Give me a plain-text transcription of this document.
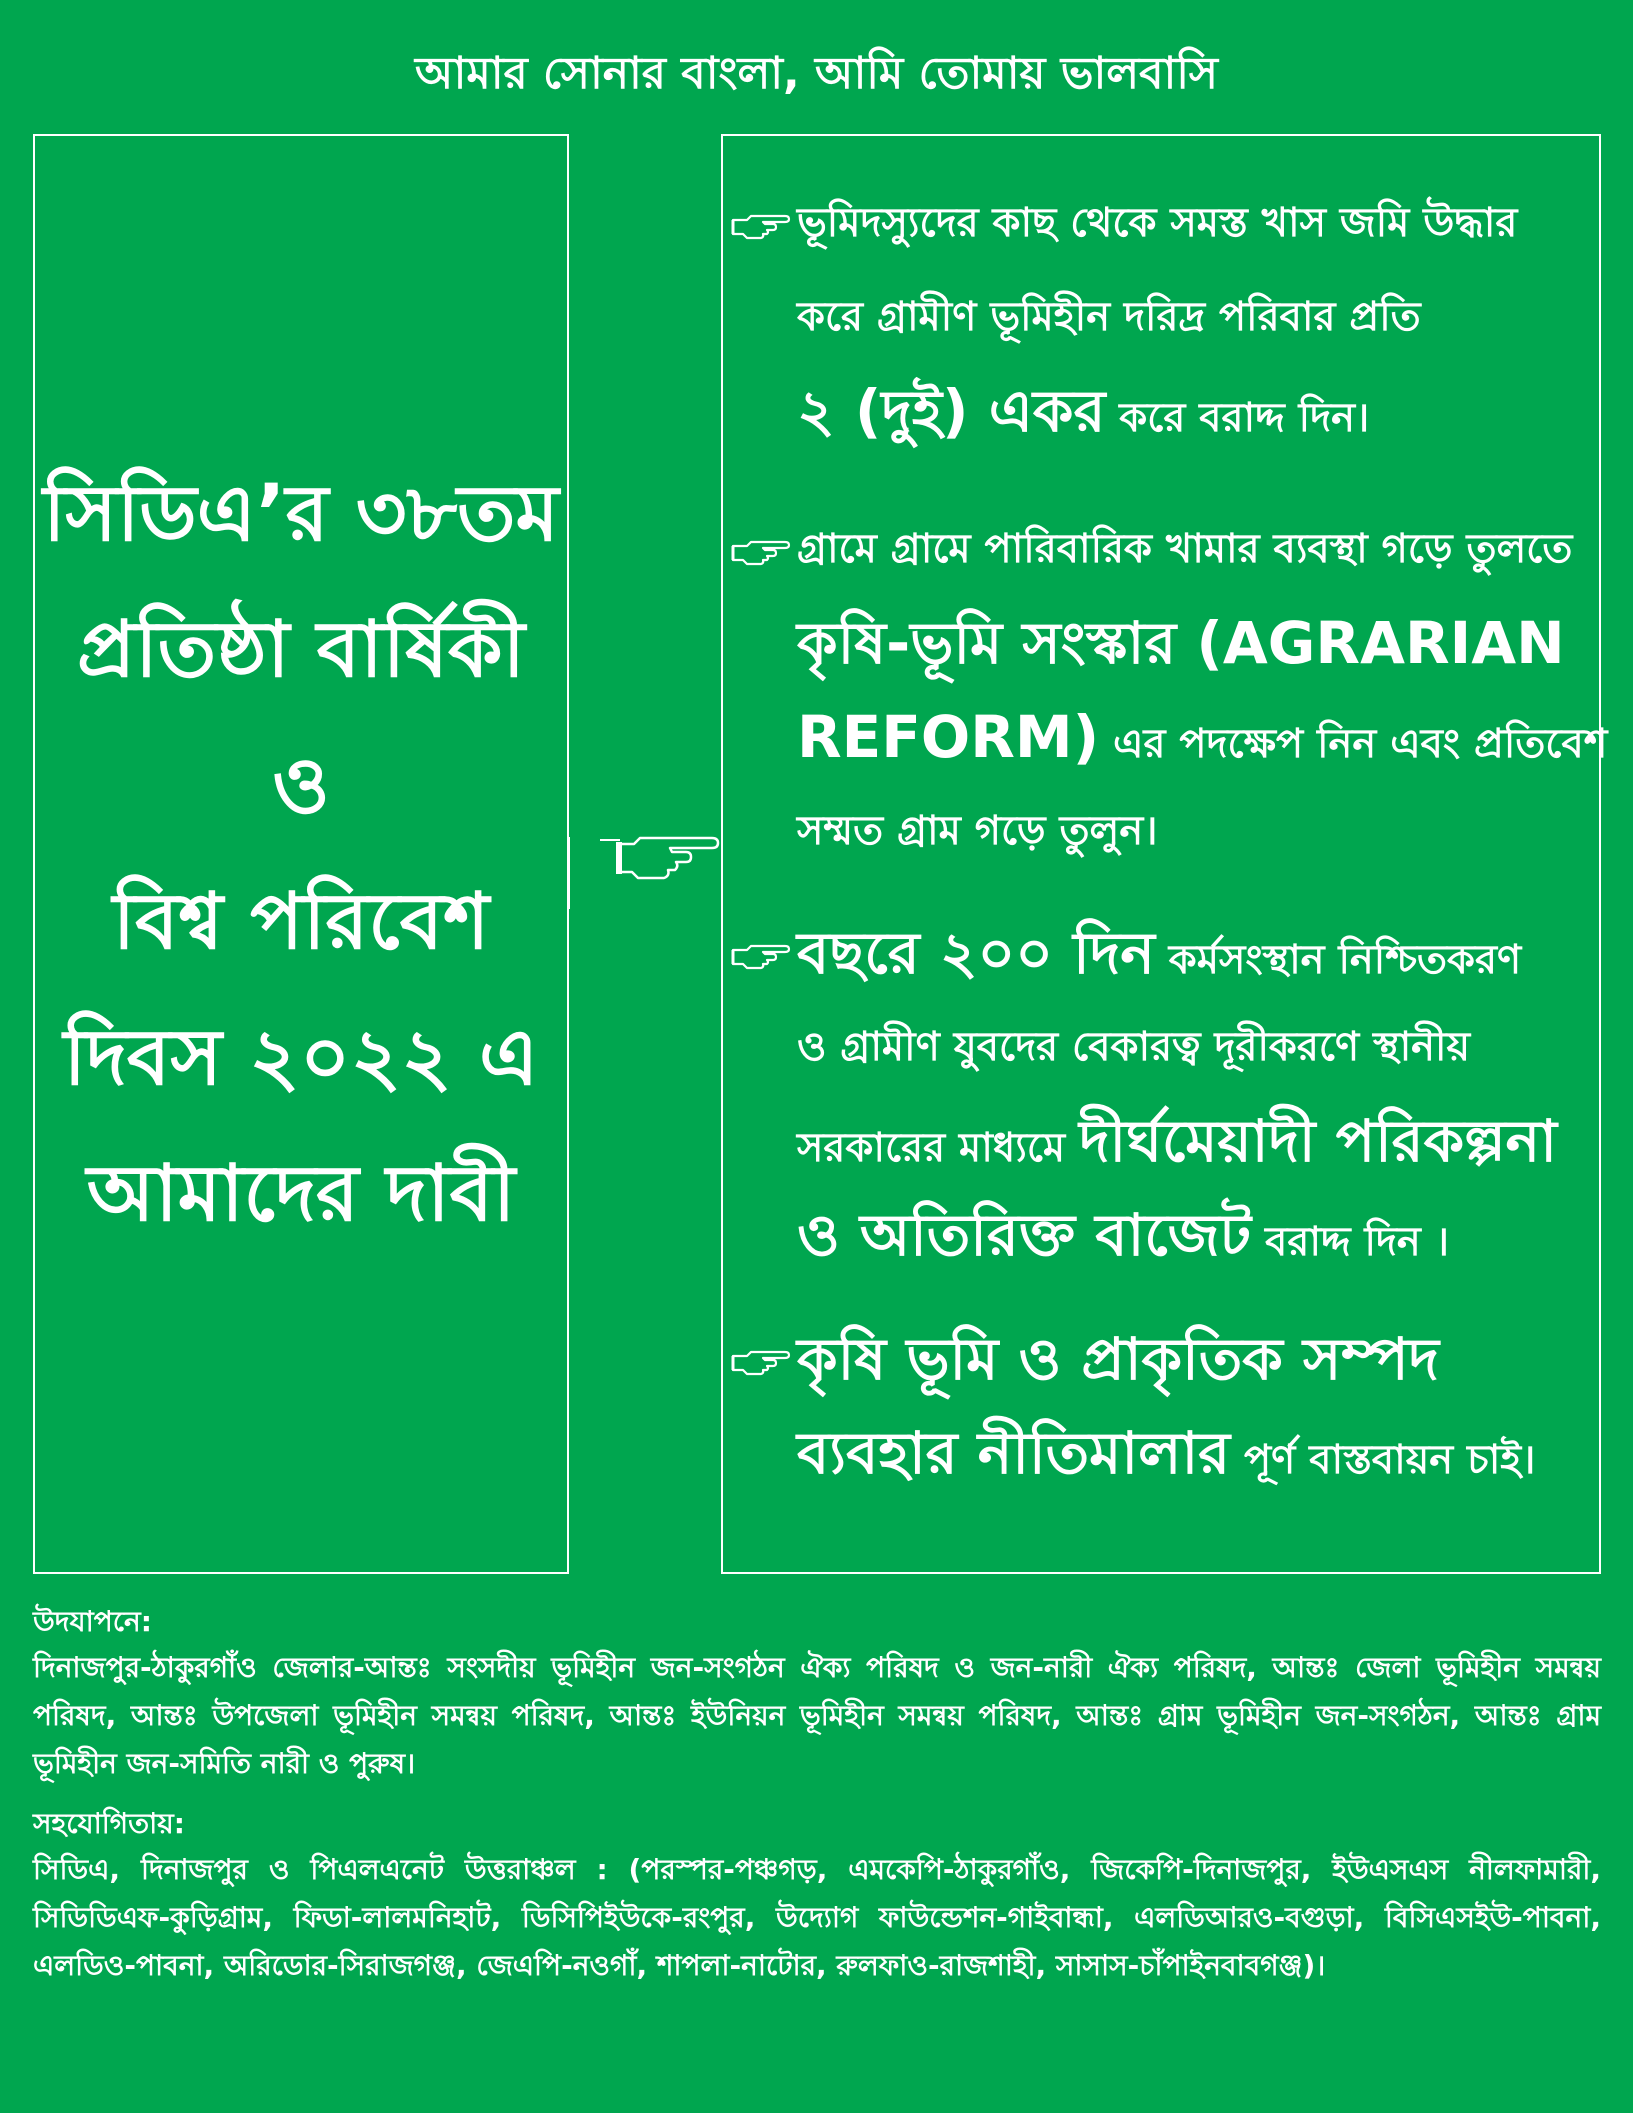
আমার সোনার বাংলা, আমি তোমায় ভালবাসি
সিডিএ’র ৩৮তম
প্রতিষ্ঠা বার্ষিকী
ও
বিশ্ব পরিবেশ
দিবস ২০২২ এ
আমাদের দাবী
ভূমিদস্যুদের কাছ থেকে সমস্ত খাস জমি উদ্ধার
করে গ্রামীণ ভূমিহীন দরিদ্র পরিবার প্রতি
২ (দুই) একর করে বরাদ্দ দিন।
গ্রামে গ্রামে পারিবারিক খামার ব্যবস্থা গড়ে তুলতে
কৃষি-ভূমি সংস্কার (AGRARIAN
REFORM) এর পদক্ষেপ নিন এবং প্রতিবেশ
সম্মত গ্রাম গড়ে তুলুন।
বছরে ২০০ দিন কর্মসংস্থান নিশ্চিতকরণ
ও গ্রামীণ যুবদের বেকারত্ব দূরীকরণে স্থানীয়
সরকারের মাধ্যমে দীর্ঘমেয়াদী পরিকল্পনা
ও অতিরিক্ত বাজেট বরাদ্দ দিন ।
কৃষি ভূমি ও প্রাকৃতিক সম্পদ
ব্যবহার নীতিমালার পূর্ণ বাস্তবায়ন চাই।
উদযাপনে:
দিনাজপুর-ঠাকুরগাঁও জেলার-আন্তঃ সংসদীয় ভূমিহীন জন-সংগঠন ঐক্য পরিষদ ও জন-নারী ঐক্য পরিষদ, আন্তঃ জেলা ভূমিহীন সমন্বয় পরিষদ, আন্তঃ উপজেলা ভূমিহীন সমন্বয় পরিষদ, আন্তঃ ইউনিয়ন ভূমিহীন সমন্বয় পরিষদ, আন্তঃ গ্রাম ভূমিহীন জন-সংগঠন, আন্তঃ গ্রাম ভূমিহীন জন-সমিতি নারী ও পুরুষ।
সহযোগিতায়:
সিডিএ, দিনাজপুর ও পিএলএনেট উত্তরাঞ্চল : (পরস্পর-পঞ্চগড়, এমকেপি-ঠাকুরগাঁও, জিকেপি-দিনাজপুর, ইউএসএস নীলফামারী, সিডিডিএফ-কুড়িগ্রাম, ফিডা-লালমনিহাট, ডিসিপিইউকে-রংপুর, উদ্যোগ ফাউন্ডেশন-গাইবান্ধা, এলডিআরও-বগুড়া, বিসিএসইউ-পাবনা, এলডিও-পাবনা, অরিডোর-সিরাজগঞ্জ, জেএপি-নওগাঁ, শাপলা-নাটোর, রুলফাও-রাজশাহী, সাসাস-চাঁপাইনবাবগঞ্জ)।
